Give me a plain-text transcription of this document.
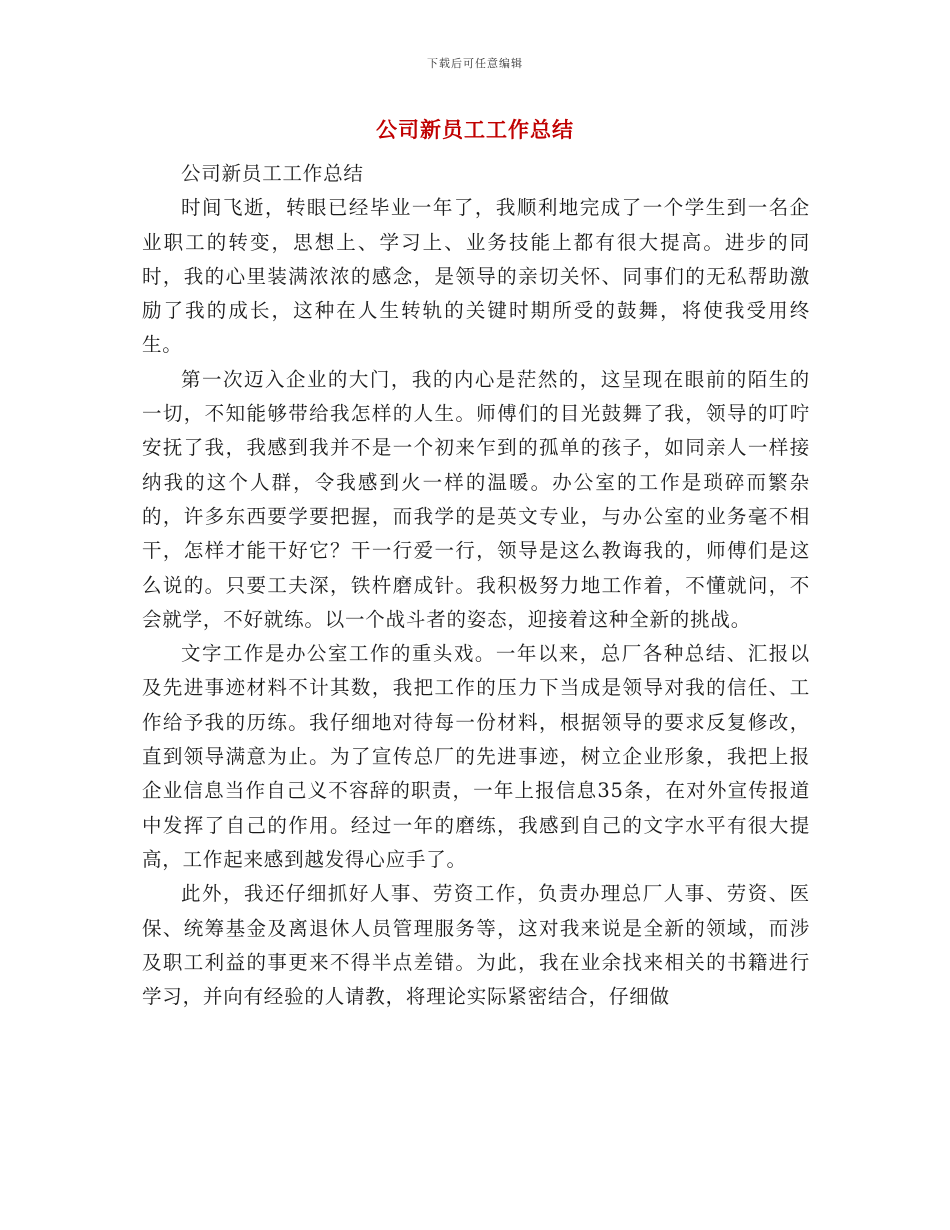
下载后可任意编辑
公司新员工工作总结

公司新员工工作总结

时间飞逝，转眼已经毕业一年了，我顺利地完成了一个学生到一名企业职工的转变，思想上、学习上、业务技能上都有很大提高。进步的同时，我的心里装满浓浓的感念，是领导的亲切关怀、同事们的无私帮助激励了我的成长，这种在人生转轨的关键时期所受的鼓舞，将使我受用终生。

第一次迈入企业的大门，我的内心是茫然的，这呈现在眼前的陌生的一切，不知能够带给我怎样的人生。师傅们的目光鼓舞了我，领导的叮咛安抚了我，我感到我并不是一个初来乍到的孤单的孩子，如同亲人一样接纳我的这个人群，令我感到火一样的温暖。办公室的工作是琐碎而繁杂的，许多东西要学要把握，而我学的是英文专业，与办公室的业务毫不相干，怎样才能干好它？干一行爱一行，领导是这么教诲我的，师傅们是这么说的。只要工夫深，铁杵磨成针。我积极努力地工作着，不懂就问，不会就学，不好就练。以一个战斗者的姿态，迎接着这种全新的挑战。

文字工作是办公室工作的重头戏。一年以来，总厂各种总结、汇报以及先进事迹材料不计其数，我把工作的压力下当成是领导对我的信任、工作给予我的历练。我仔细地对待每一份材料，根据领导的要求反复修改，直到领导满意为止。为了宣传总厂的先进事迹，树立企业形象，我把上报企业信息当作自己义不容辞的职责，一年上报信息35条，在对外宣传报道中发挥了自己的作用。经过一年的磨练，我感到自己的文字水平有很大提高，工作起来感到越发得心应手了。

此外，我还仔细抓好人事、劳资工作，负责办理总厂人事、劳资、医保、统筹基金及离退休人员管理服务等，这对我来说是全新的领域，而涉及职工利益的事更来不得半点差错。为此，我在业余找来相关的书籍进行学习，并向有经验的人请教，将理论实际紧密结合，仔细做
